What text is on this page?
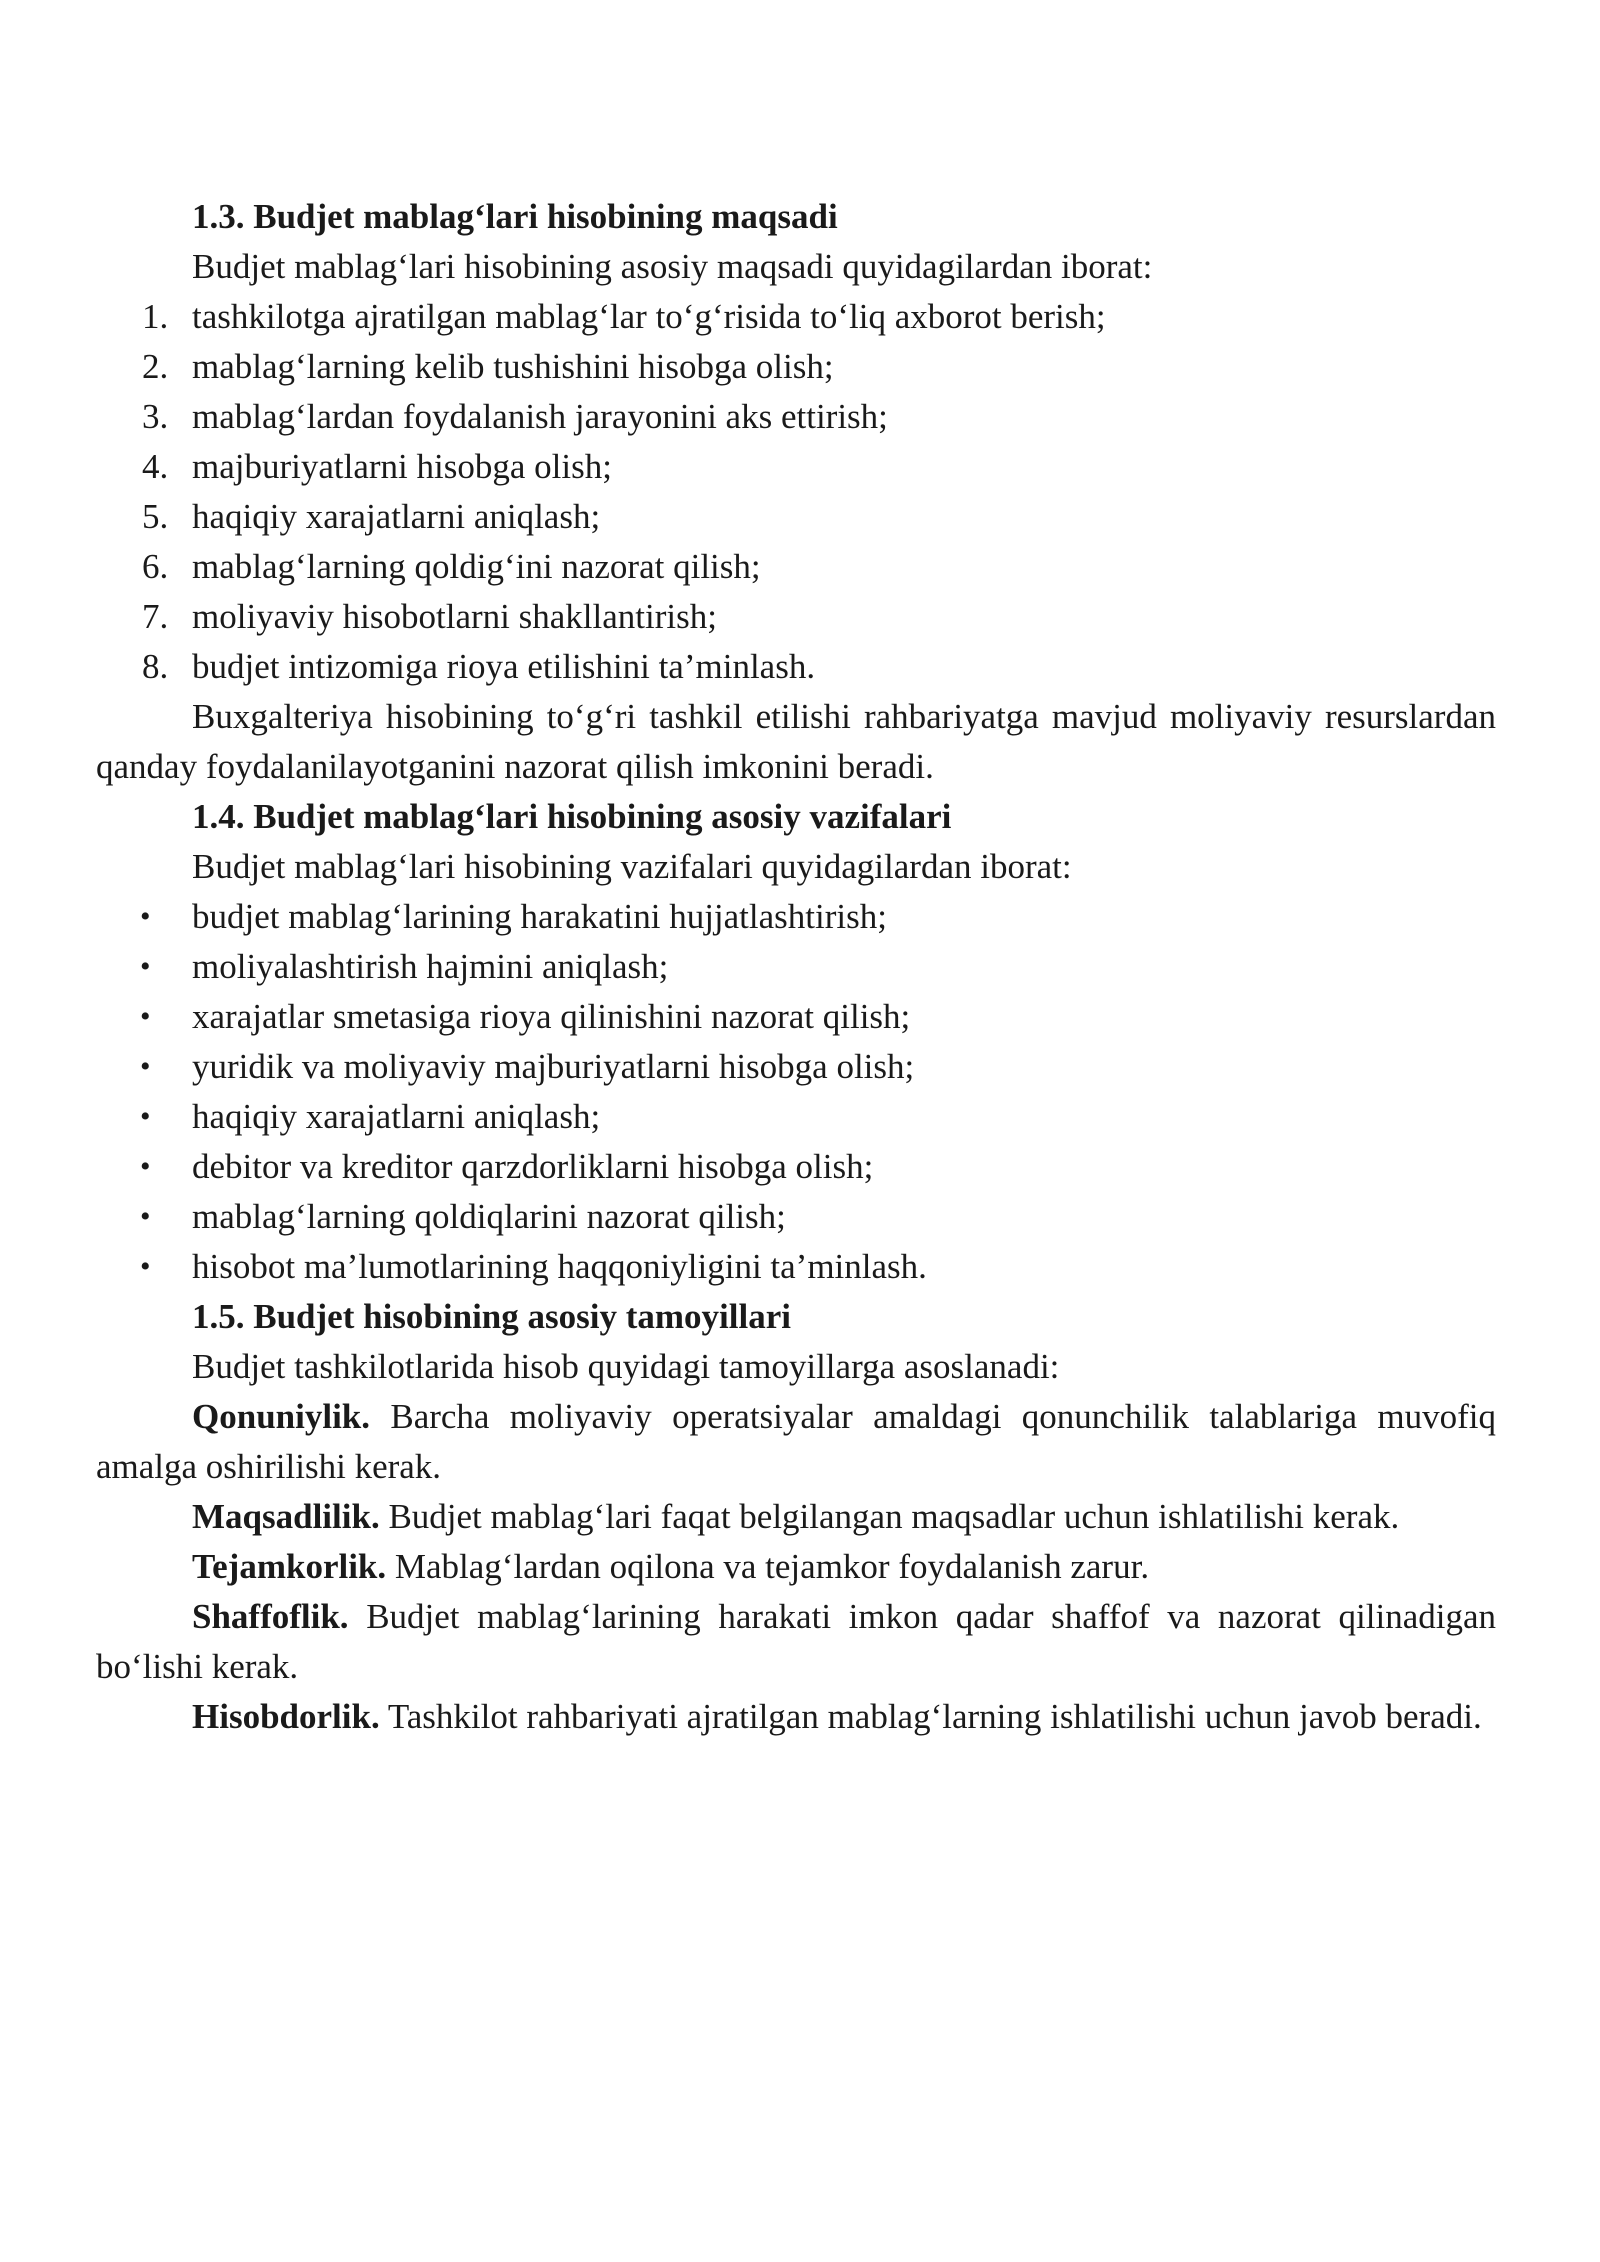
1.3. Budjet mablag‘lari hisobining maqsadi

Budjet mablag‘lari hisobining asosiy maqsadi quyidagilardan iborat:

1. tashkilotga ajratilgan mablag‘lar to‘g‘risida to‘liq axborot berish;
2. mablag‘larning kelib tushishini hisobga olish;
3. mablag‘lardan foydalanish jarayonini aks ettirish;
4. majburiyatlarni hisobga olish;
5. haqiqiy xarajatlarni aniqlash;
6. mablag‘larning qoldig‘ini nazorat qilish;
7. moliyaviy hisobotlarni shakllantirish;
8. budjet intizomiga rioya etilishini ta’minlash.

Buxgalteriya hisobining to‘g‘ri tashkil etilishi rahbariyatga mavjud moliyaviy resurslardan qanday foydalanilayotganini nazorat qilish imkonini beradi.

1.4. Budjet mablag‘lari hisobining asosiy vazifalari

Budjet mablag‘lari hisobining vazifalari quyidagilardan iborat:

• budjet mablag‘larining harakatini hujjatlashtirish;
• moliyalashtirish hajmini aniqlash;
• xarajatlar smetasiga rioya qilinishini nazorat qilish;
• yuridik va moliyaviy majburiyatlarni hisobga olish;
• haqiqiy xarajatlarni aniqlash;
• debitor va kreditor qarzdorliklarni hisobga olish;
• mablag‘larning qoldiqlarini nazorat qilish;
• hisobot ma’lumotlarining haqqoniyligini ta’minlash.

1.5. Budjet hisobining asosiy tamoyillari

Budjet tashkilotlarida hisob quyidagi tamoyillarga asoslanadi:

Qonuniylik. Barcha moliyaviy operatsiyalar amaldagi qonunchilik talablariga muvofiq amalga oshirilishi kerak.

Maqsadlilik. Budjet mablag‘lari faqat belgilangan maqsadlar uchun ishlatilishi kerak.

Tejamkorlik. Mablag‘lardan oqilona va tejamkor foydalanish zarur.

Shaffoflik. Budjet mablag‘larining harakati imkon qadar shaffof va nazorat qilinadigan bo‘lishi kerak.

Hisobdorlik. Tashkilot rahbariyati ajratilgan mablag‘larning ishlatilishi uchun javob beradi.
